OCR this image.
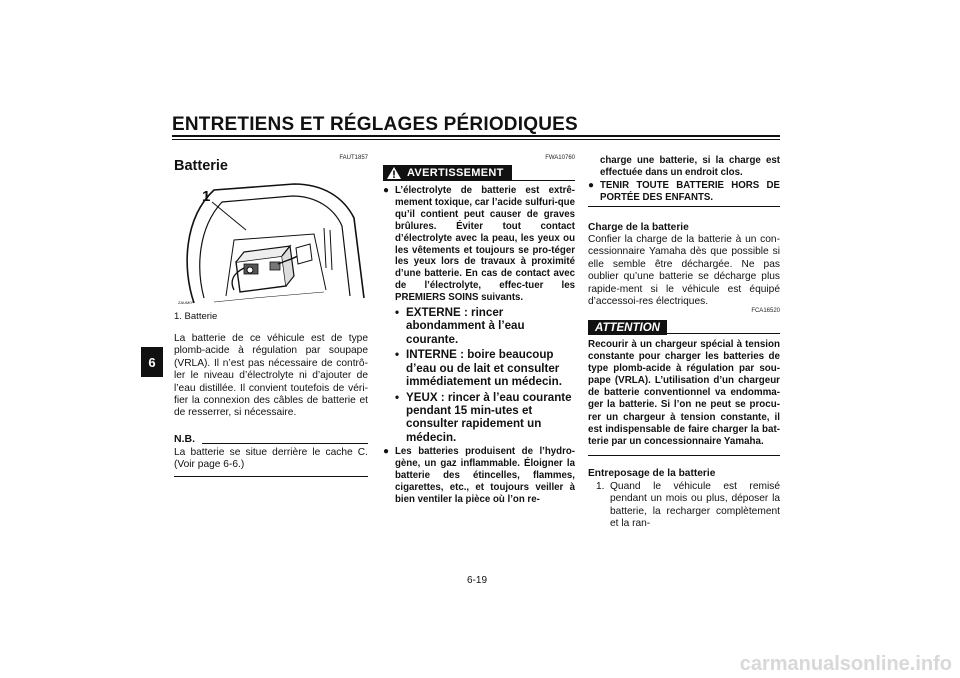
ENTRETIENS ET RÉGLAGES PÉRIODIQUES
6
FAUT1857
Batterie
1
ZAUM0**
1. Batterie
La batterie de ce véhicule est de type plomb-acide à régulation par soupape (VRLA). Il n’est pas nécessaire de contrô-ler le niveau d’électrolyte ni d’ajouter de l’eau distillée. Il convient toutefois de véri-fier la connexion des câbles de batterie et de resserrer, si nécessaire.
N.B.
La batterie se situe derrière le cache C. (Voir page 6-6.)
FWA10760
AVERTISSEMENT
● L’électrolyte de batterie est extrê-mement toxique, car l’acide sulfuri-que qu’il contient peut causer de graves brûlures. Éviter tout contact d’électrolyte avec la peau, les yeux ou les vêtements et toujours se pro-téger les yeux lors de travaux à proximité d’une batterie. En cas de contact avec de l’électrolyte, effec-tuer les PREMIERS SOINS suivants.
• EXTERNE : rincer abondamment à l’eau courante.
• INTERNE : boire beaucoup d’eau ou de lait et consulter immédiatement un médecin.
• YEUX : rincer à l’eau courante pendant 15 min-utes et consulter rapidement un médecin.
● Les batteries produisent de l’hydro-gène, un gaz inflammable. Éloigner la batterie des étincelles, flammes, cigarettes, etc., et toujours veiller à bien ventiler la pièce où l’on re-
charge une batterie, si la charge est effectuée dans un endroit clos.
● TENIR TOUTE BATTERIE HORS DE PORTÉE DES ENFANTS.
Charge de la batterie
Confier la charge de la batterie à un con-cessionnaire Yamaha dès que possible si elle semble être déchargée. Ne pas oublier qu’une batterie se décharge plus rapide-ment si le véhicule est équipé d’accessoi-res électriques.
FCA16520
ATTENTION
Recourir à un chargeur spécial à tension constante pour charger les batteries de type plomb-acide à régulation par sou-pape (VRLA). L’utilisation d’un chargeur de batterie conventionnel va endomma-ger la batterie. Si l’on ne peut se procu-rer un chargeur à tension constante, il est indispensable de faire charger la bat-terie par un concessionnaire Yamaha.
Entreposage de la batterie
1. Quand le véhicule est remisé pendant un mois ou plus, déposer la batterie, la recharger complètement et la ran-
6-19
carmanualsonline.info
